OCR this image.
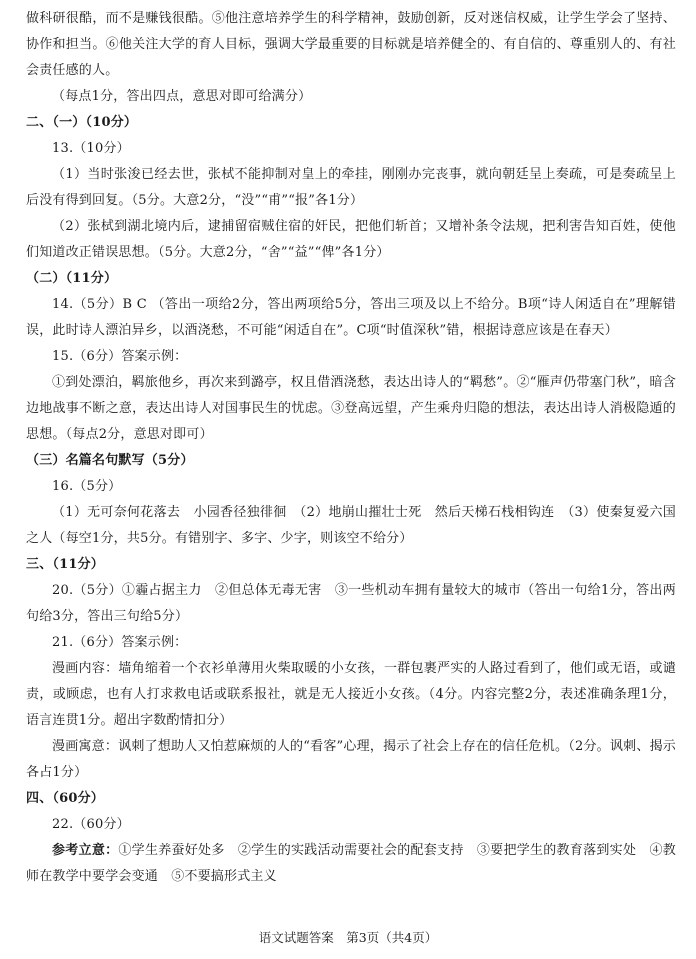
做科研很酷，而不是赚钱很酷。⑤他注意培养学生的科学精神，鼓励创新，反对迷信权威，让学生学会了坚持、协作和担当。⑥他关注大学的育人目标，强调大学最重要的目标就是培养健全的、有自信的、尊重别人的、有社会责任感的人。
（每点1分，答出四点，意思对即可给满分）
二、（一）（10分）
13.（10分）
（1）当时张浚已经去世，张栻不能抑制对皇上的牵挂，刚刚办完丧事，就向朝廷呈上奏疏，可是奏疏呈上后没有得到回复。（5分。大意2分，“没”“甫”“报”各1分）
（2）张栻到湖北境内后，逮捕留宿贼住宿的奸民，把他们斩首；又增补条令法规，把利害告知百姓，使他们知道改正错误思想。（5分。大意2分，“舍”“益”“俾”各1分）
（二）（11分）
14.（5分）B C （答出一项给2分，答出两项给5分，答出三项及以上不给分。B项“诗人闲适自在”理解错误，此时诗人漂泊异乡，以酒浇愁，不可能“闲适自在”。C项“时值深秋”错，根据诗意应该是在春天）
15.（6分）答案示例：
①到处漂泊，羁旅他乡，再次来到潞亭，权且借酒浇愁，表达出诗人的“羁愁”。②“雁声仍带塞门秋”，暗含边地战事不断之意，表达出诗人对国事民生的忧虑。③登高远望，产生乘舟归隐的想法，表达出诗人消极隐遁的思想。（每点2分，意思对即可）
（三）名篇名句默写（5分）
16.（5分）
（1）无可奈何花落去　小园香径独徘徊　（2）地崩山摧壮士死　然后天梯石栈相钩连　（3）使秦复爱六国之人（每空1分，共5分。有错别字、多字、少字，则该空不给分）
三、（11分）
20.（5分）①霾占据主力　②但总体无毒无害　③一些机动车拥有量较大的城市（答出一句给1分，答出两句给3分，答出三句给5分）
21.（6分）答案示例：
漫画内容：墙角缩着一个衣衫单薄用火柴取暖的小女孩，一群包裹严实的人路过看到了，他们或无语，或谴责，或顾虑，也有人打求救电话或联系报社，就是无人接近小女孩。（4分。内容完整2分，表述准确条理1分，语言连贯1分。超出字数酌情扣分）
漫画寓意：讽刺了想助人又怕惹麻烦的人的“看客”心理，揭示了社会上存在的信任危机。（2分。讽刺、揭示各占1分）
四、（60分）
22.（60分）
参考立意：①学生养蚕好处多　②学生的实践活动需要社会的配套支持　③要把学生的教育落到实处　④教师在教学中要学会变通　⑤不要搞形式主义
语文试题答案　第3页（共4页）
